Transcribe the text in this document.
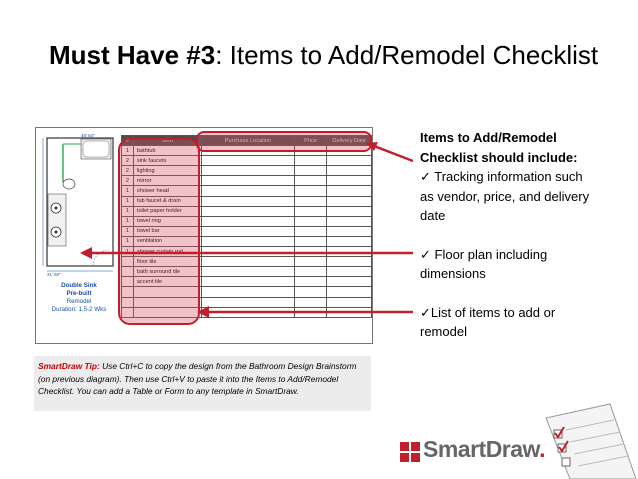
Must Have #3: Items to Add/Remodel Checklist
48' 64"
31' 50"
Double Sink
Pre-built
Remodel
Duration: 1.5-2 Wks
#	Item	Purchase Location	Price	Delivery Date
1	bathtub			
2	sink faucets			
2	lighting			
2	mirror			
1	shower head			
1	tub faucet & drain			
1	toilet paper holder			
1	towel ring			
1	towel bar			
1	ventilation			
1	shower curtain rod			
	floor tile			
	bath surround tile			
	accent tile			

SmartDraw Tip: Use Ctrl+C to copy the design from the Bathroom Design Brainstorm (on previous diagram). Then use Ctrl+V to paste it into the Items to Add/Remodel Checklist. You can add a Table or Form to any template in SmartDraw.

Items to Add/Remodel

Checklist should include:

✓ Tracking information such

as vendor, price, and delivery

date

✓ Floor plan including

dimensions

✓List of items to add or

remodel

SmartDraw.
